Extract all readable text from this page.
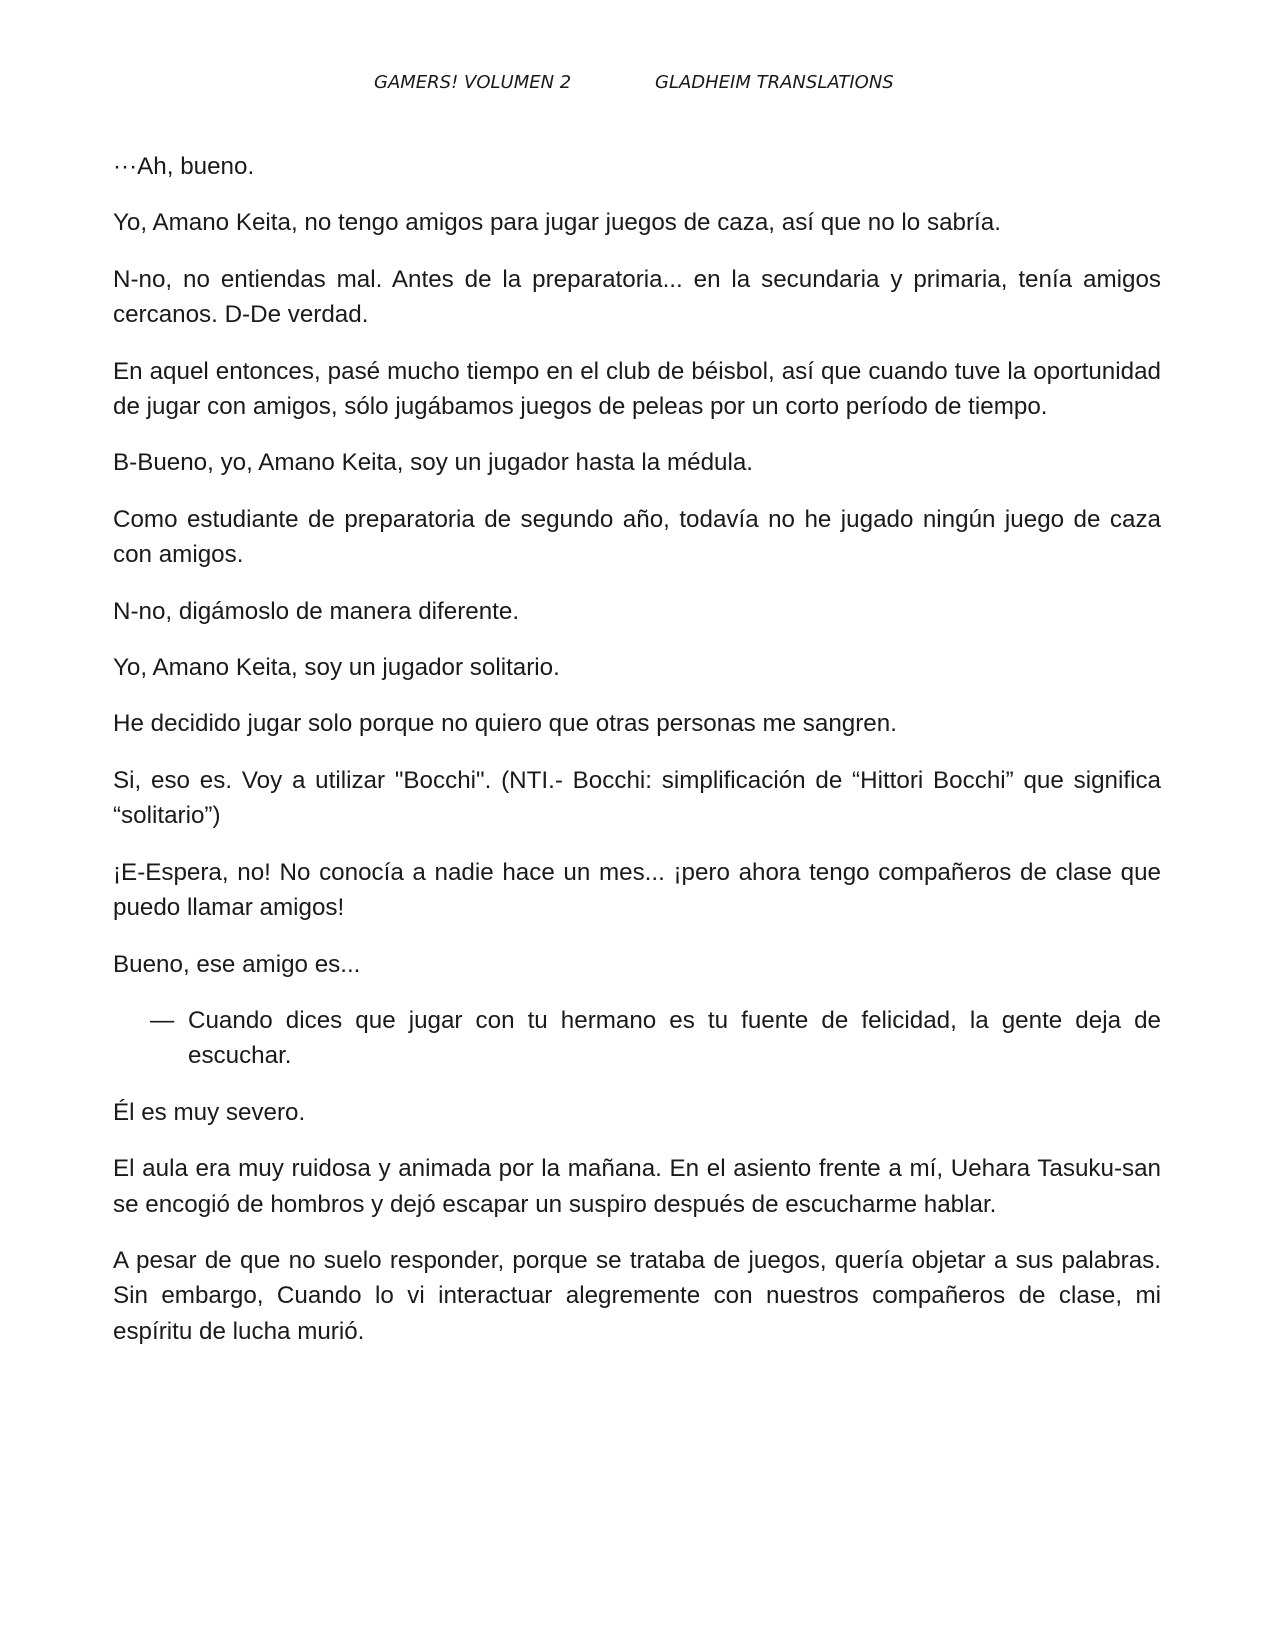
GAMERS! VOLUMEN 2	GLADHEIM TRANSLATIONS

···Ah, bueno.

Yo, Amano Keita, no tengo amigos para jugar juegos de caza, así que no lo sabría.

N-no, no entiendas mal. Antes de la preparatoria... en la secundaria y primaria, tenía amigos cercanos. D-De verdad.

En aquel entonces, pasé mucho tiempo en el club de béisbol, así que cuando tuve la oportunidad de jugar con amigos, sólo jugábamos juegos de peleas por un corto período de tiempo.

B-Bueno, yo, Amano Keita, soy un jugador hasta la médula.

Como estudiante de preparatoria de segundo año, todavía no he jugado ningún juego de caza con amigos.

N-no, digámoslo de manera diferente.

Yo, Amano Keita, soy un jugador solitario.

He decidido jugar solo porque no quiero que otras personas me sangren.

Si, eso es. Voy a utilizar "Bocchi". (NTI.- Bocchi: simplificación de “Hittori Bocchi” que significa “solitario”)

¡E-Espera, no! No conocía a nadie hace un mes... ¡pero ahora tengo compañeros de clase que puedo llamar amigos!

Bueno, ese amigo es...

— Cuando dices que jugar con tu hermano es tu fuente de felicidad, la gente deja de escuchar.

Él es muy severo.

El aula era muy ruidosa y animada por la mañana. En el asiento frente a mí, Uehara Tasuku-san se encogió de hombros y dejó escapar un suspiro después de escucharme hablar.

A pesar de que no suelo responder, porque se trataba de juegos, quería objetar a sus palabras. Sin embargo, Cuando lo vi interactuar alegremente con nuestros compañeros de clase, mi espíritu de lucha murió.
